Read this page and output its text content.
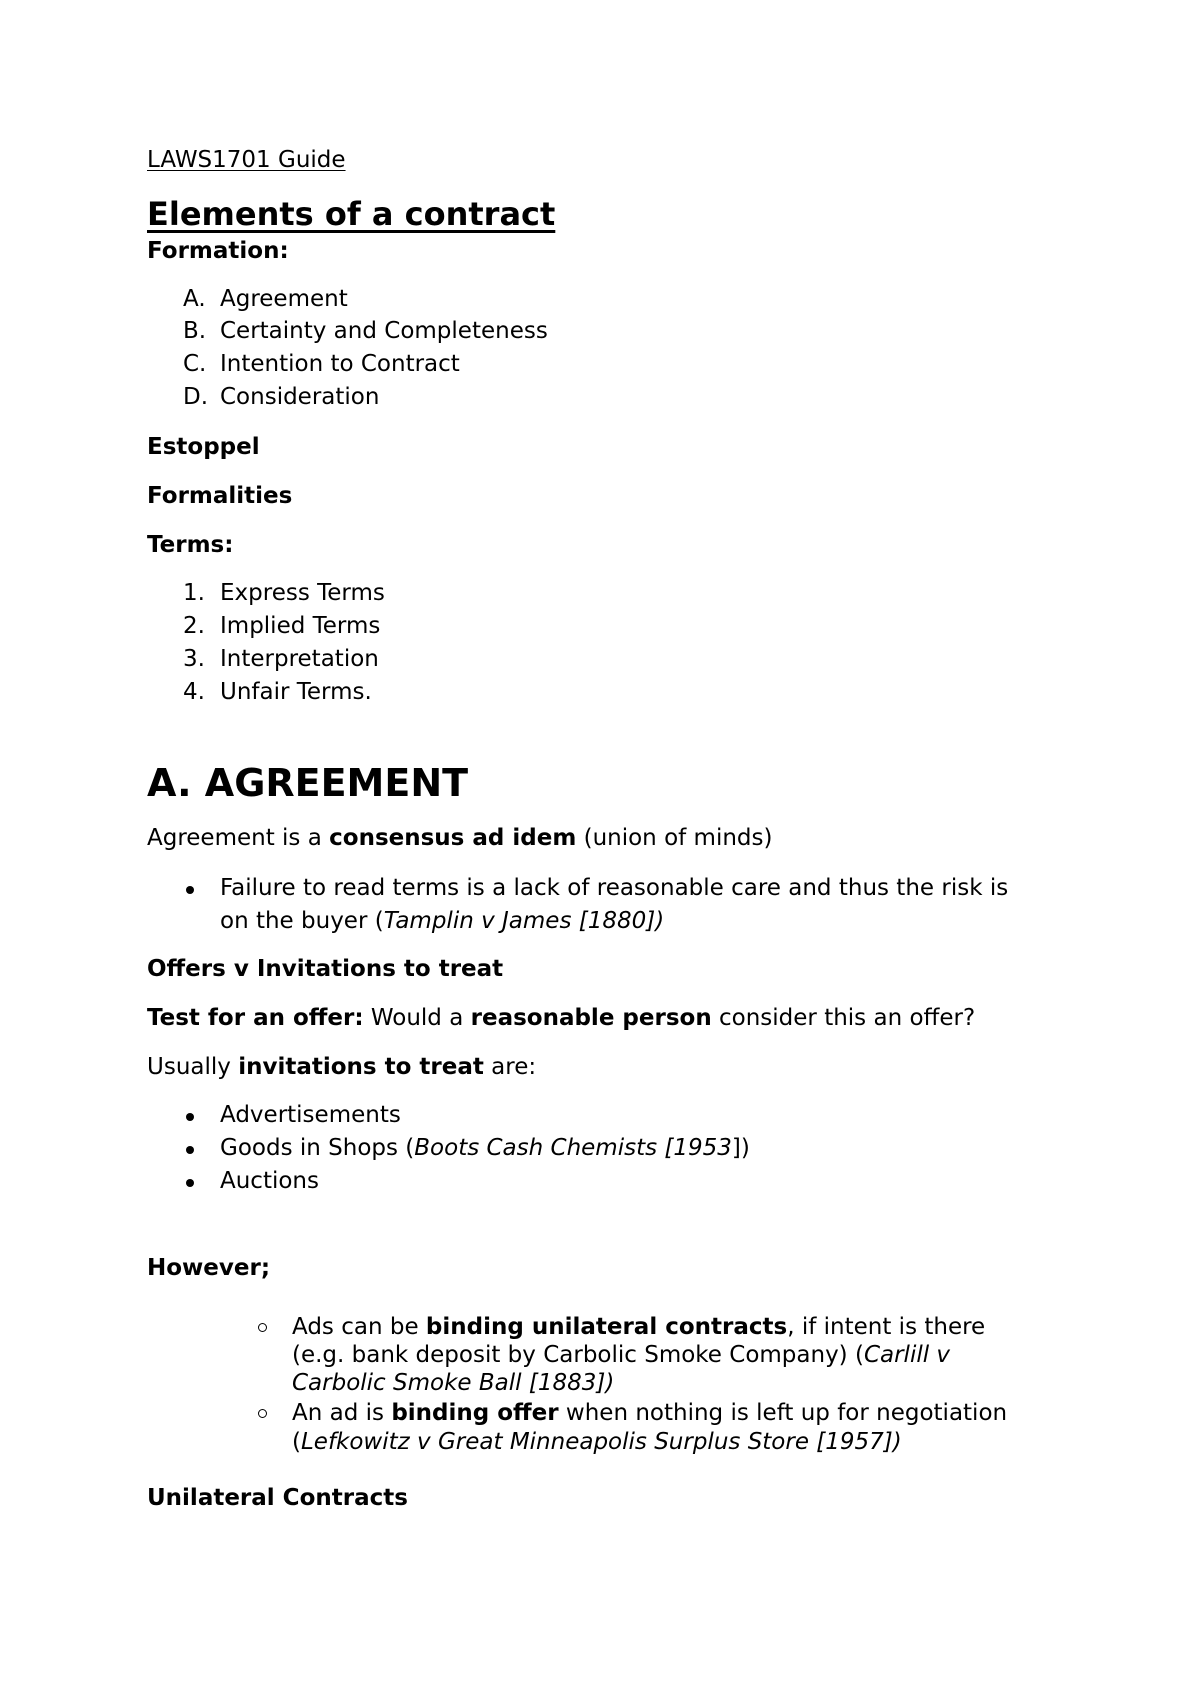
LAWS1701 Guide
Elements of a contract
Formation:
A. Agreement
B. Certainty and Completeness
C. Intention to Contract
D. Consideration
Estoppel
Formalities
Terms:
1. Express Terms
2. Implied Terms
3. Interpretation
4. Unfair Terms.
A. AGREEMENT
Agreement is a consensus ad idem (union of minds)
Failure to read terms is a lack of reasonable care and thus the risk is
on the buyer (Tamplin v James [1880])
Offers v Invitations to treat
Test for an offer: Would a reasonable person consider this an offer?
Usually invitations to treat are:
Advertisements
Goods in Shops (Boots Cash Chemists [1953])
Auctions
However;
Ads can be binding unilateral contracts, if intent is there
(e.g. bank deposit by Carbolic Smoke Company) (Carlill v
Carbolic Smoke Ball [1883])
An ad is binding offer when nothing is left up for negotiation
(Lefkowitz v Great Minneapolis Surplus Store [1957])
Unilateral Contracts
